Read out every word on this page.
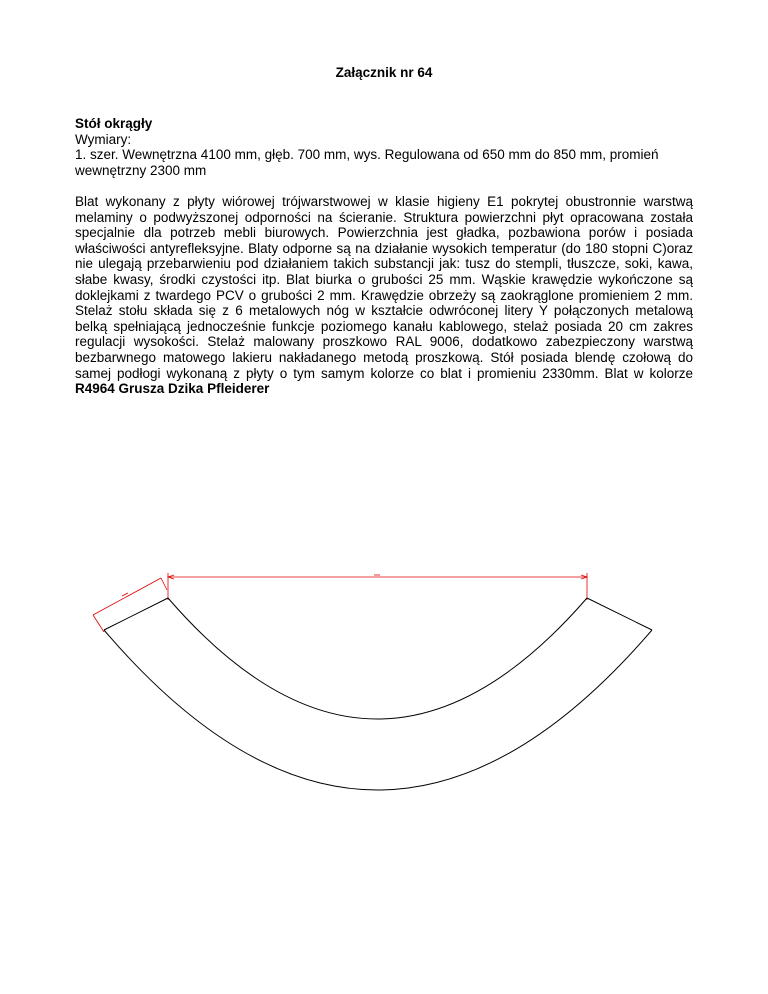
Załącznik nr 64

Stół okrągły

Wymiary:

1. szer. Wewnętrzna 4100 mm, głęb. 700 mm, wys. Regulowana od 650 mm do 850 mm, promień wewnętrzny 2300 mm

Blat wykonany z płyty wiórowej trójwarstwowej w klasie higieny E1 pokrytej obustronnie warstwą melaminy o podwyższonej odporności na ścieranie. Struktura powierzchni płyt opracowana została specjalnie dla potrzeb mebli biurowych. Powierzchnia jest gładka, pozbawiona porów i posiada właściwości antyrefleksyjne. Blaty odporne są na działanie wysokich temperatur (do 180 stopni C)oraz nie ulegają przebarwieniu pod działaniem takich substancji jak: tusz do stempli, tłuszcze, soki, kawa, słabe kwasy, środki czystości itp. Blat biurka o grubości 25 mm. Wąskie krawędzie wykończone są doklejkami z twardego PCV o grubości 2 mm. Krawędzie obrzeży są zaokrąglone promieniem 2 mm. Stelaż stołu składa się z 6 metalowych nóg w kształcie odwróconej litery Y połączonych metalową belką spełniającą jednocześnie funkcje poziomego kanału kablowego, stelaż posiada 20 cm zakres regulacji wysokości. Stelaż malowany proszkowo RAL 9006, dodatkowo zabezpieczony warstwą bezbarwnego matowego lakieru nakładanego metodą proszkową. Stół posiada blendę czołową do samej podłogi wykonaną z płyty o tym samym kolorze co blat i promieniu 2330mm. Blat w kolorze R4964 Grusza Dzika Pfleiderer
